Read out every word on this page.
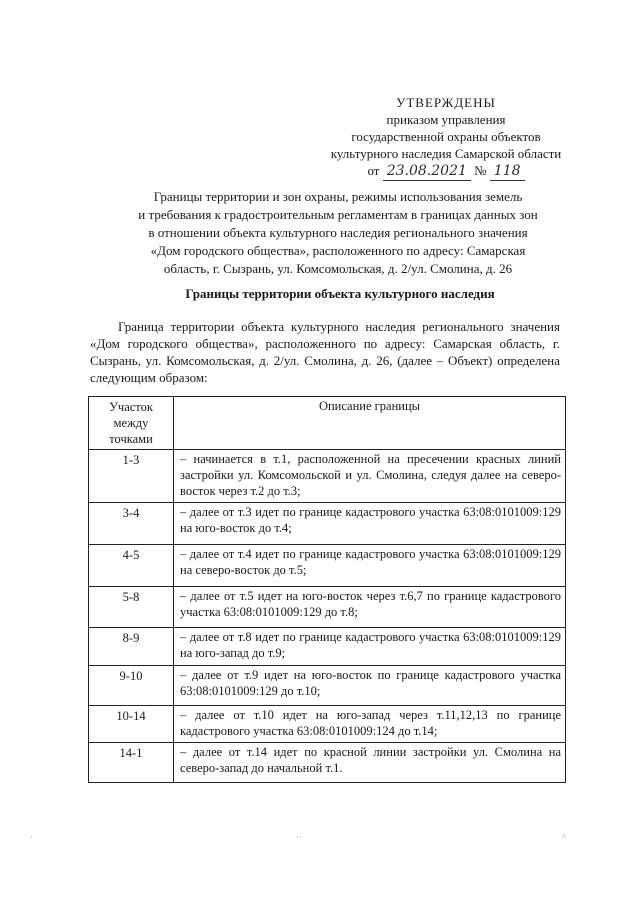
УТВЕРЖДЕНЫ
приказом управления
государственной охраны объектов
культурного наследия Самарской области
от 23.08.2021 № 118
Границы территории и зон охраны, режимы использования земель
и требования к градостроительным регламентам в границах данных зон
в отношении объекта культурного наследия регионального значения
«Дом городского общества», расположенного по адресу: Самарская
область, г. Сызрань, ул. Комсомольская, д. 2/ул. Смолина, д. 26
Границы территории объекта культурного наследия
Граница территории объекта культурного наследия регионального значения «Дом городского общества», расположенного по адресу: Самарская область, г. Сызрань, ул. Комсомольская, д. 2/ул. Смолина, д. 26, (далее – Объект) определена следующим образом:
Участок между точками	Описание границы
1-3	– начинается в т.1, расположенной на пресечении красных линий застройки ул. Комсомольской и ул. Смолина, следуя далее на северо-восток через т.2 до т.3;
3-4	– далее от т.3 идет по границе кадастрового участка 63:08:0101009:129 на юго-восток до т.4;
4-5	– далее от т.4 идет по границе кадастрового участка 63:08:0101009:129 на северо-восток до т.5;
5-8	– далее от т.5 идет на юго-восток через т.6,7 по границе кадастрового участка 63:08:0101009:129 до т.8;
8-9	– далее от т.8 идет по границе кадастрового участка 63:08:0101009:129 на юго-запад до т.9;
9-10	– далее от т.9 идет на юго-восток по границе кадастрового участка 63:08:0101009:129 до т.10;
10-14	– далее от т.10 идет на юго-запад через т.11,12,13 по границе кадастрового участка 63:08:0101009:124 до т.14;
14-1	– далее от т.14 идет по красной линии застройки ул. Смолина на северо-запад до начальной т.1.
·	··	^
